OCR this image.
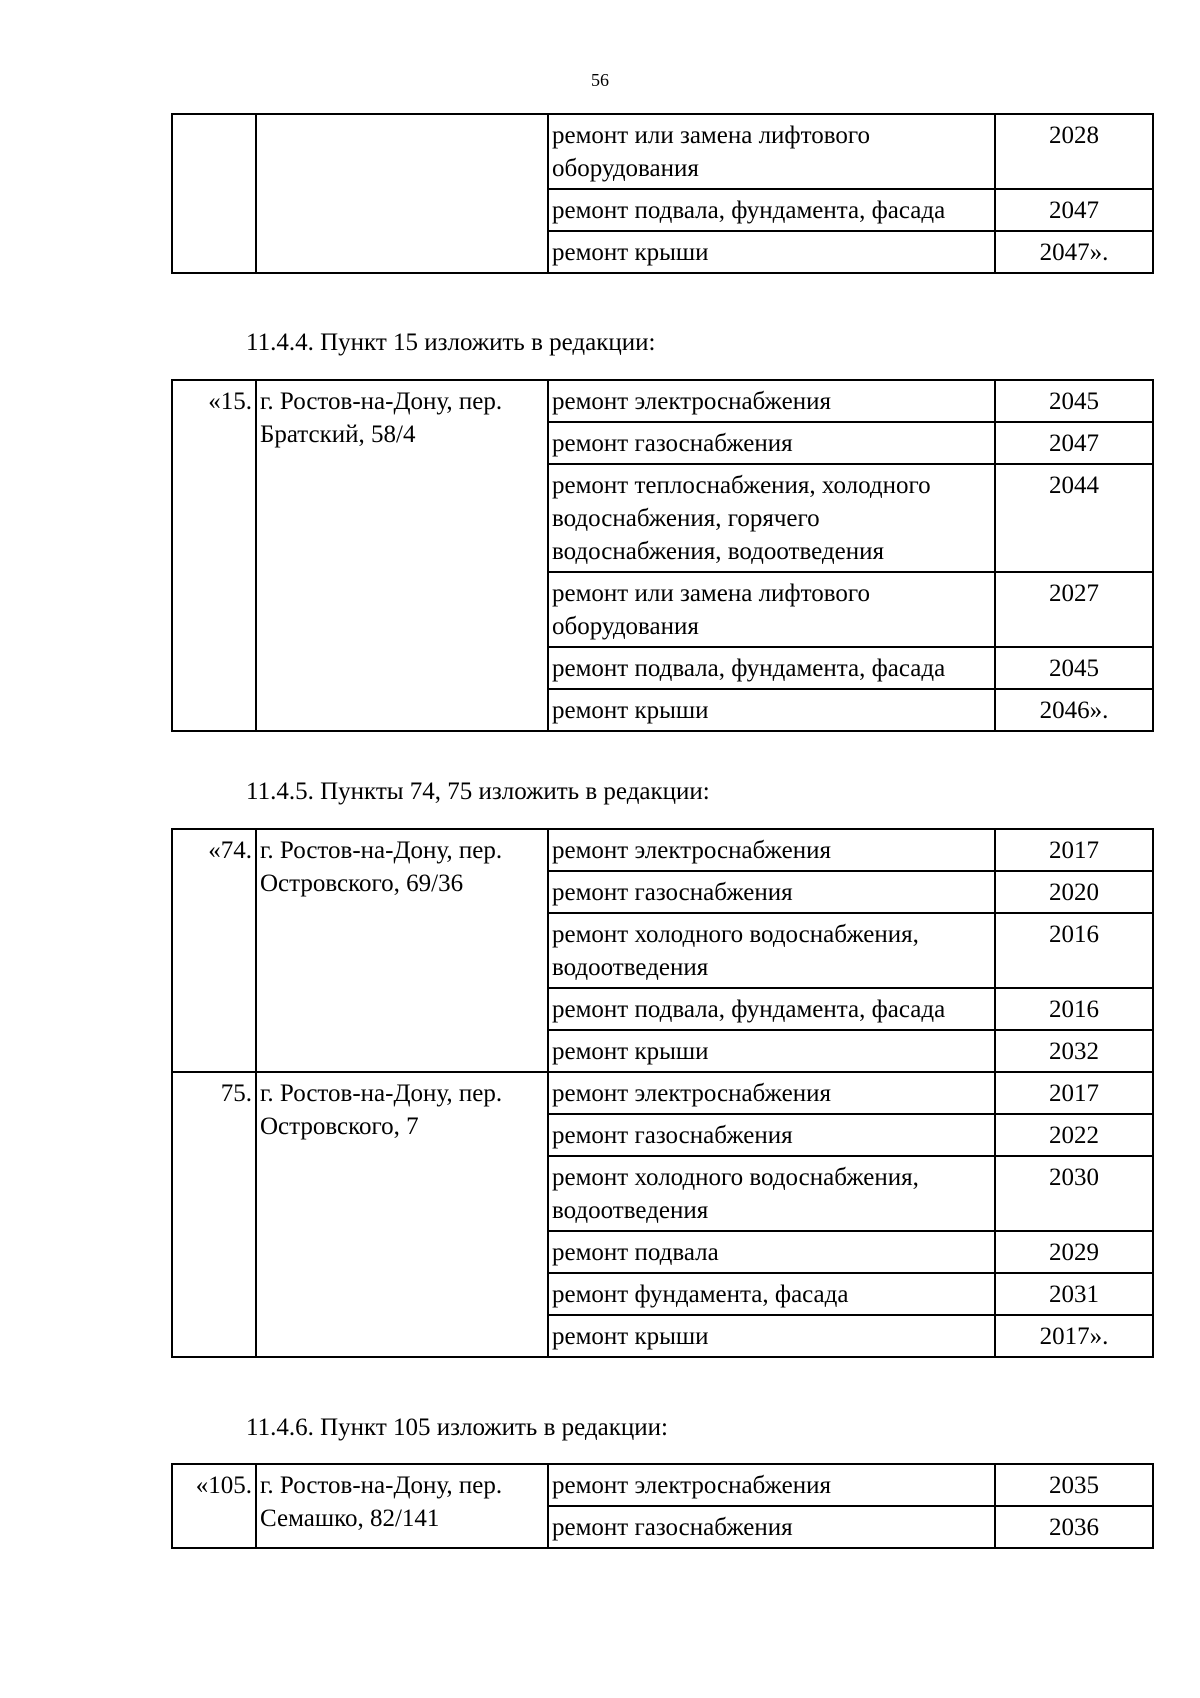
56
		ремонт или замена лифтового оборудования	2028
		ремонт подвала, фундамента, фасада	2047
		ремонт крыши	2047».
11.4.4. Пункт 15 изложить в редакции:
«15.	г. Ростов-на-Дону, пер. Братский, 58/4	ремонт электроснабжения	2045
		ремонт газоснабжения	2047
		ремонт теплоснабжения, холодного водоснабжения, горячего водоснабжения, водоотведения	2044
		ремонт или замена лифтового оборудования	2027
		ремонт подвала, фундамента, фасада	2045
		ремонт крыши	2046».
11.4.5. Пункты 74, 75 изложить в редакции:
«74.	г. Ростов-на-Дону, пер. Островского, 69/36	ремонт электроснабжения	2017
		ремонт газоснабжения	2020
		ремонт холодного водоснабжения, водоотведения	2016
		ремонт подвала, фундамента, фасада	2016
		ремонт крыши	2032
75.	г. Ростов-на-Дону, пер. Островского, 7	ремонт электроснабжения	2017
		ремонт газоснабжения	2022
		ремонт холодного водоснабжения, водоотведения	2030
		ремонт подвала	2029
		ремонт фундамента, фасада	2031
		ремонт крыши	2017».
11.4.6. Пункт 105 изложить в редакции:
«105.	г. Ростов-на-Дону, пер. Семашко, 82/141	ремонт электроснабжения	2035
		ремонт газоснабжения	2036
